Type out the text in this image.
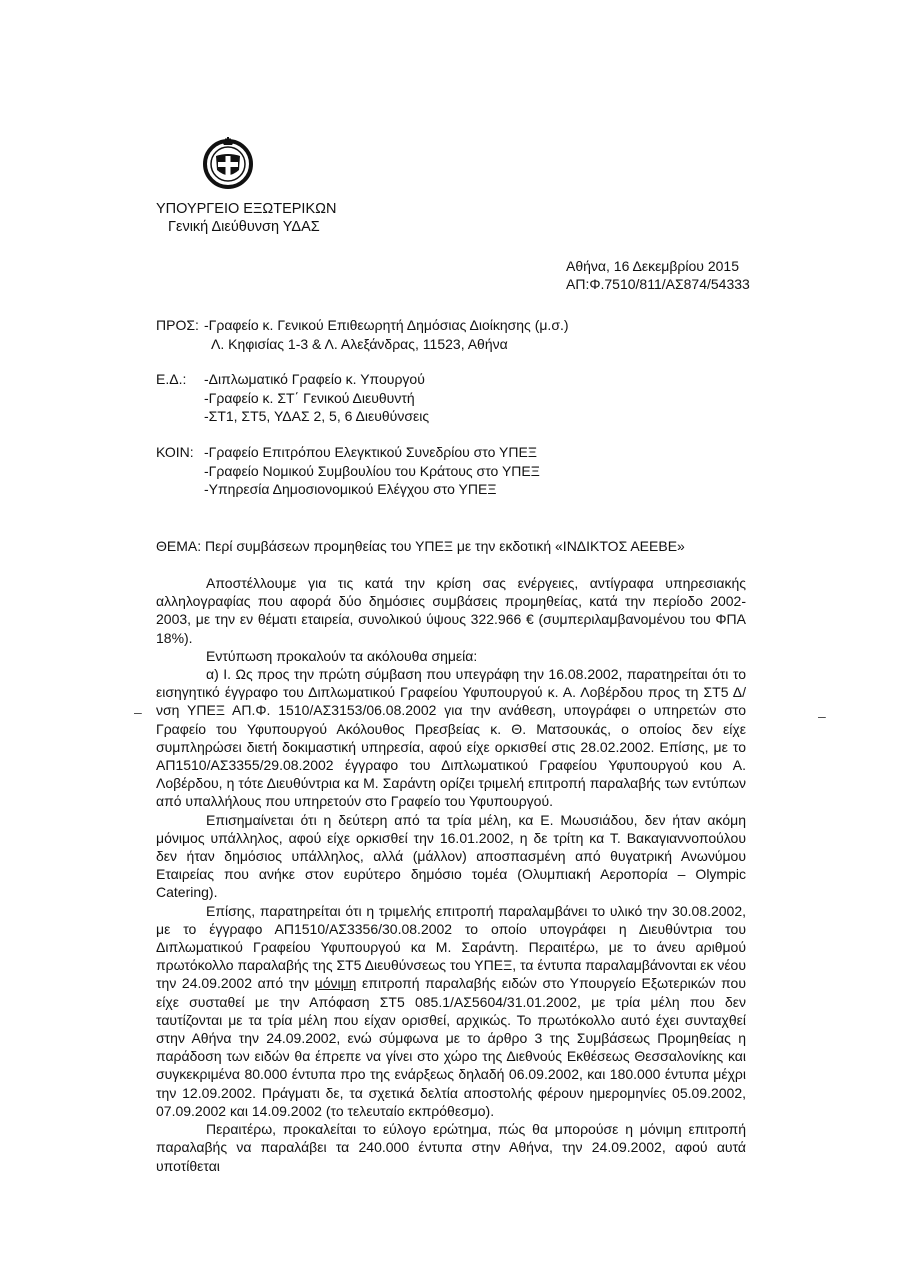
ΥΠΟΥΡΓΕΙΟ ΕΞΩΤΕΡΙΚΩΝ
Γενική Διεύθυνση ΥΔΑΣ
Αθήνα, 16 Δεκεμβρίου 2015
ΑΠ:Φ.7510/811/ΑΣ874/54333
ΠΡΟΣ: -Γραφείο κ. Γενικού Επιθεωρητή Δημόσιας Διοίκησης (μ.σ.)
Λ. Κηφισίας 1-3 & Λ. Αλεξάνδρας, 11523, Αθήνα
Ε.Δ.: -Διπλωματικό Γραφείο κ. Υπουργού
-Γραφείο κ. ΣΤ΄ Γενικού Διευθυντή
-ΣΤ1, ΣΤ5, ΥΔΑΣ 2, 5, 6 Διευθύνσεις
ΚΟΙΝ: -Γραφείο Επιτρόπου Ελεγκτικού Συνεδρίου στο ΥΠΕΞ
-Γραφείο Νομικού Συμβουλίου του Κράτους στο ΥΠΕΞ
-Υπηρεσία Δημοσιονομικού Ελέγχου στο ΥΠΕΞ
ΘΕΜΑ: Περί συμβάσεων προμηθείας του ΥΠΕΞ με την εκδοτική «ΙΝΔΙΚΤΟΣ ΑΕΕΒΕ»

Αποστέλλουμε για τις κατά την κρίση σας ενέργειες, αντίγραφα υπηρεσιακής αλληλογραφίας που αφορά δύο δημόσιες συμβάσεις προμηθείας, κατά την περίοδο 2002-2003, με την εν θέματι εταιρεία, συνολικού ύψους 322.966 € (συμπεριλαμβανομένου του ΦΠΑ 18%).

Εντύπωση προκαλούν τα ακόλουθα σημεία:

α) Ι. Ως προς την πρώτη σύμβαση που υπεγράφη την 16.08.2002, παρατηρείται ότι το εισηγητικό έγγραφο του Διπλωματικού Γραφείου Υφυπουργού κ. Α. Λοβέρδου προς τη ΣΤ5 Δ/νση ΥΠΕΞ ΑΠ.Φ. 1510/ΑΣ3153/06.08.2002 για την ανάθεση, υπογράφει ο υπηρετών στο Γραφείο του Υφυπουργού Ακόλουθος Πρεσβείας κ. Θ. Ματσουκάς, ο οποίος δεν είχε συμπληρώσει διετή δοκιμαστική υπηρεσία, αφού είχε ορκισθεί στις 28.02.2002. Επίσης, με το ΑΠ1510/ΑΣ3355/29.08.2002 έγγραφο του Διπλωματικού Γραφείου Υφυπουργού κου Α. Λοβέρδου, η τότε Διευθύντρια κα Μ. Σαράντη ορίζει τριμελή επιτροπή παραλαβής των εντύπων από υπαλλήλους που υπηρετούν στο Γραφείο του Υφυπουργού.

Επισημαίνεται ότι η δεύτερη από τα τρία μέλη, κα Ε. Μωυσιάδου, δεν ήταν ακόμη μόνιμος υπάλληλος, αφού είχε ορκισθεί την 16.01.2002, η δε τρίτη κα Τ. Βακαγιαννοπούλου δεν ήταν δημόσιος υπάλληλος, αλλά (μάλλον) αποσπασμένη από θυγατρική Ανωνύμου Εταιρείας που ανήκε στον ευρύτερο δημόσιο τομέα (Ολυμπιακή Αεροπορία – Olympic Catering).

Επίσης, παρατηρείται ότι η τριμελής επιτροπή παραλαμβάνει το υλικό την 30.08.2002, με το έγγραφο ΑΠ1510/ΑΣ3356/30.08.2002 το οποίο υπογράφει η Διευθύντρια του Διπλωματικού Γραφείου Υφυπουργού κα Μ. Σαράντη. Περαιτέρω, με το άνευ αριθμού πρωτόκολλο παραλαβής της ΣΤ5 Διευθύνσεως του ΥΠΕΞ, τα έντυπα παραλαμβάνονται εκ νέου την 24.09.2002 από την μόνιμη επιτροπή παραλαβής ειδών στο Υπουργείο Εξωτερικών που είχε συσταθεί με την Απόφαση ΣΤ5 085.1/ΑΣ5604/31.01.2002, με τρία μέλη που δεν ταυτίζονται με τα τρία μέλη που είχαν ορισθεί, αρχικώς. Το πρωτόκολλο αυτό έχει συνταχθεί στην Αθήνα την 24.09.2002, ενώ σύμφωνα με το άρθρο 3 της Συμβάσεως Προμηθείας η παράδοση των ειδών θα έπρεπε να γίνει στο χώρο της Διεθνούς Εκθέσεως Θεσσαλονίκης και συγκεκριμένα 80.000 έντυπα προ της ενάρξεως δηλαδή 06.09.2002, και 180.000 έντυπα μέχρι την 12.09.2002. Πράγματι δε, τα σχετικά δελτία αποστολής φέρουν ημερομηνίες 05.09.2002, 07.09.2002 και 14.09.2002 (το τελευταίο εκπρόθεσμο).

Περαιτέρω, προκαλείται το εύλογο ερώτημα, πώς θα μπορούσε η μόνιμη επιτροπή παραλαβής να παραλάβει τα 240.000 έντυπα στην Αθήνα, την 24.09.2002, αφού αυτά υποτίθεται

–	–
